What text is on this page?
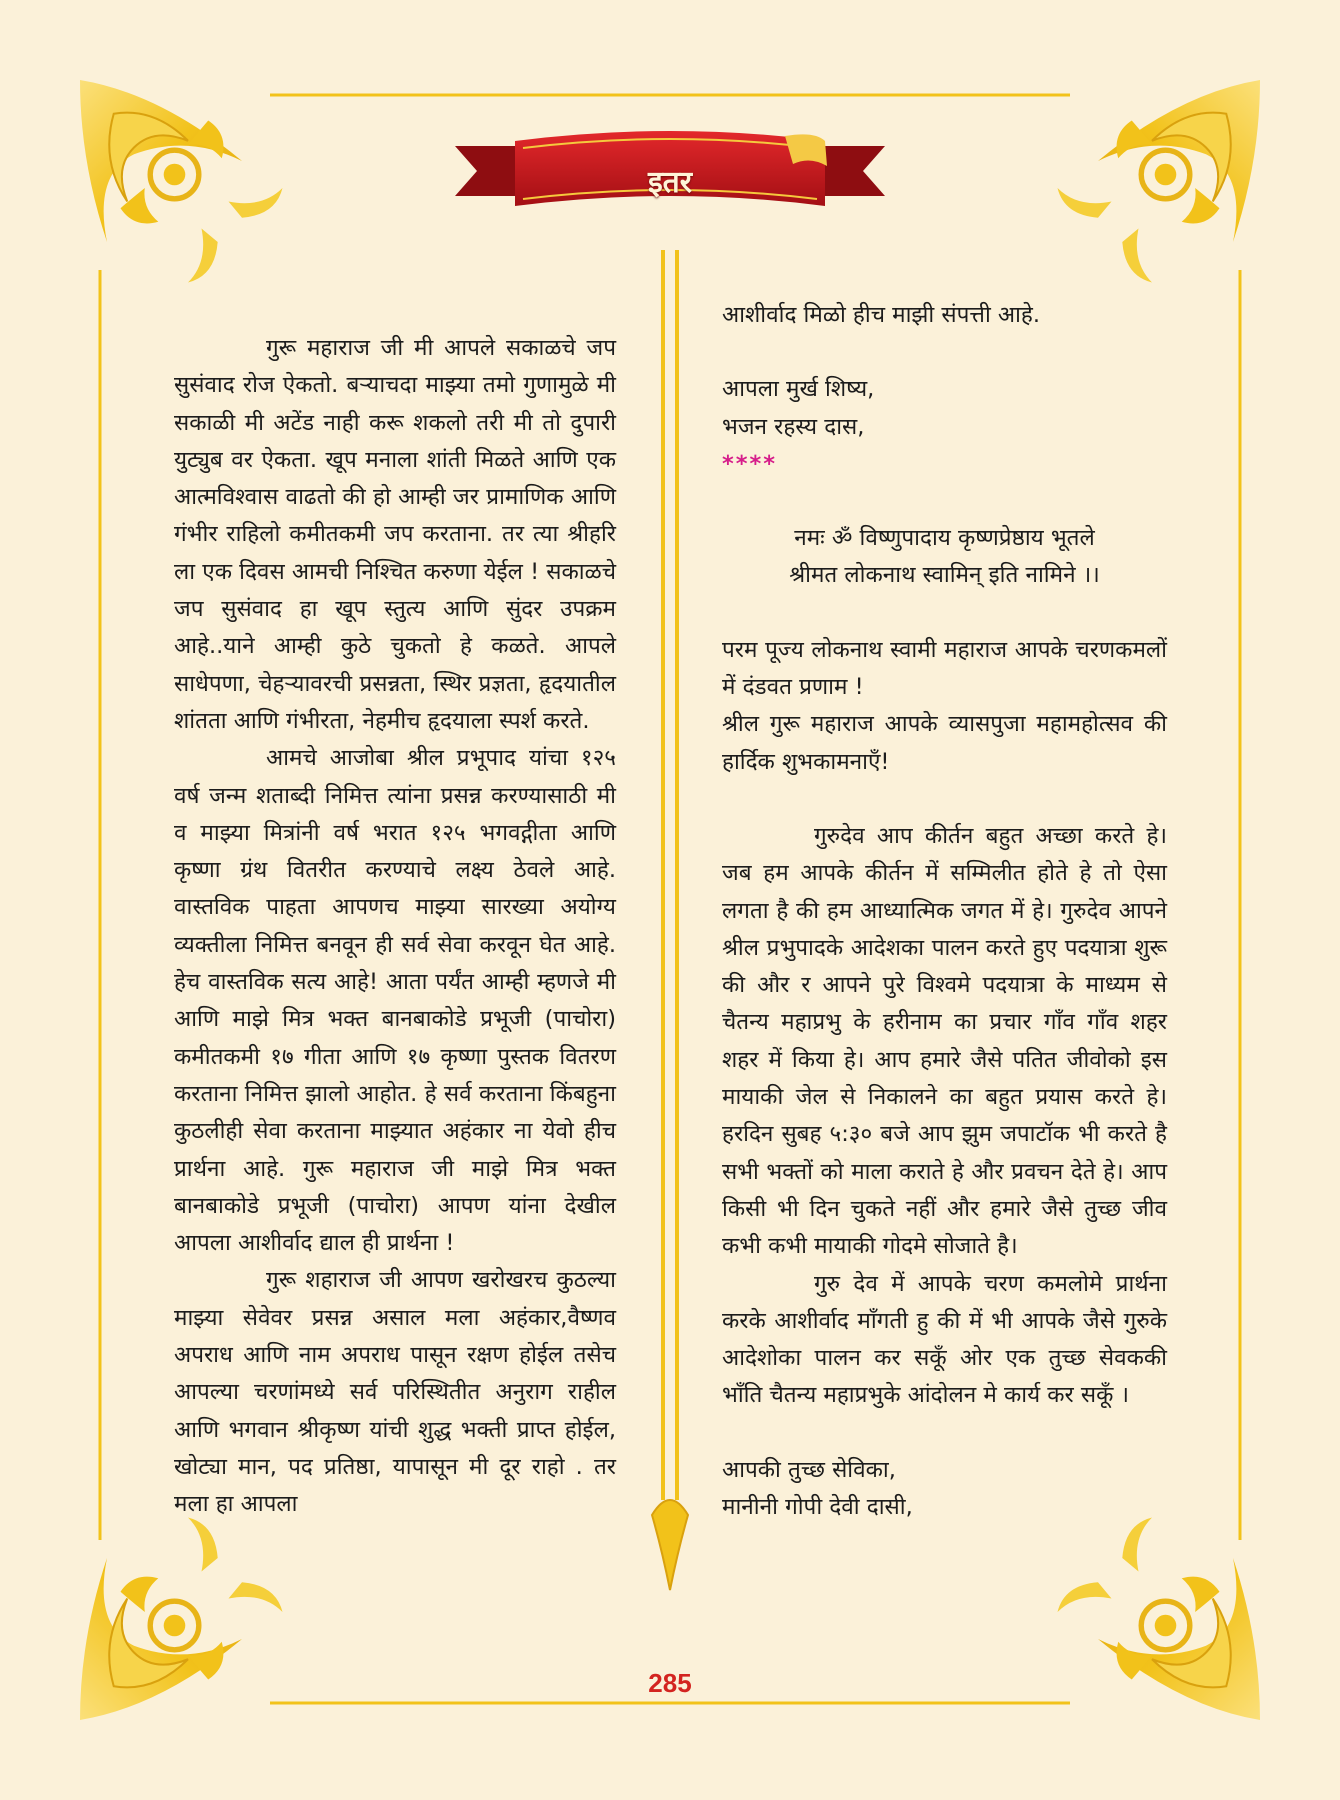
इतर

गुरू महाराज जी मी आपले सकाळचे जप सुसंवाद रोज ऐकतो. बऱ्याचदा माझ्या तमो गुणामुळे मी सकाळी मी अटेंड नाही करू शकलो तरी मी तो दुपारी युट्युब वर ऐकता. खूप मनाला शांती मिळते आणि एक आत्मविश्वास वाढतो की हो आम्ही जर प्रामाणिक आणि गंभीर राहिलो कमीतकमी जप करताना. तर त्या श्रीहरि ला एक दिवस आमची निश्चित करुणा येईल ! सकाळचे जप सुसंवाद हा खूप स्तुत्य आणि सुंदर उपक्रम आहे..याने आम्ही कुठे चुकतो हे कळते. आपले साधेपणा, चेहऱ्यावरची प्रसन्नता, स्थिर प्रज्ञता, हृदयातील शांतता आणि गंभीरता, नेहमीच हृदयाला स्पर्श करते.

आमचे आजोबा श्रील प्रभूपाद यांचा १२५ वर्ष जन्म शताब्दी निमित्त त्यांना प्रसन्न करण्यासाठी मी व माझ्या मित्रांनी वर्ष भरात १२५ भगवद्गीता आणि कृष्णा ग्रंथ वितरीत करण्याचे लक्ष्य ठेवले आहे. वास्तविक पाहता आपणच माझ्या सारख्या अयोग्य व्यक्तीला निमित्त बनवून ही सर्व सेवा करवून घेत आहे. हेच वास्तविक सत्य आहे! आता पर्यंत आम्ही म्हणजे मी आणि माझे मित्र भक्त बानबाकोडे प्रभूजी (पाचोरा) कमीतकमी १७ गीता आणि १७ कृष्णा पुस्तक वितरण करताना निमित्त झालो आहोत. हे सर्व करताना किंबहुना कुठलीही सेवा करताना माझ्यात अहंकार ना येवो हीच प्रार्थना आहे. गुरू महाराज जी माझे मित्र भक्त बानबाकोडे प्रभूजी (पाचोरा) आपण यांना देखील आपला आशीर्वाद द्याल ही प्रार्थना !

गुरू शहाराज जी आपण खरोखरच कुठल्या माझ्या सेवेवर प्रसन्न असाल मला अहंकार,वैष्णव अपराध आणि नाम अपराध पासून रक्षण होईल तसेच आपल्या चरणांमध्ये सर्व परिस्थितीत अनुराग राहील आणि भगवान श्रीकृष्ण यांची शुद्ध भक्ती प्राप्त होईल, खोट्या मान, पद प्रतिष्ठा, यापासून मी दूर राहो . तर मला हा आपला

आशीर्वाद मिळो हीच माझी संपत्ती आहे.

आपला मुर्ख शिष्य,

भजन रहस्य दास,

****

नमः ॐ विष्णुपादाय कृष्णप्रेष्ठाय भूतले

श्रीमत लोकनाथ स्वामिन् इति नामिने ।।

परम पूज्य लोकनाथ स्वामी महाराज आपके चरणकमलों में दंडवत प्रणाम !

श्रील गुरू महाराज आपके व्यासपुजा महामहोत्सव की हार्दिक शुभकामनाएँ!

गुरुदेव आप कीर्तन बहुत अच्छा करते हे। जब हम आपके कीर्तन में सम्मिलीत होते हे तो ऐसा लगता है की हम आध्यात्मिक जगत में हे। गुरुदेव आपने श्रील प्रभुपादके आदेशका पालन करते हुए पदयात्रा शुरू की और र आपने पुरे विश्वमे पदयात्रा के माध्यम से चैतन्य महाप्रभु के हरीनाम का प्रचार गाँव गाँव शहर शहर में किया हे। आप हमारे जैसे पतित जीवोको इस मायाकी जेल से निकालने का बहुत प्रयास करते हे। हरदिन सुबह ५:३० बजे आप झुम जपाटॉक भी करते है सभी भक्तों को माला कराते हे और प्रवचन देते हे। आप किसी भी दिन चुकते नहीं और हमारे जैसे तुच्छ जीव कभी कभी मायाकी गोदमे सोजाते है।

गुरु देव में आपके चरण कमलोमे प्रार्थना करके आशीर्वाद माँगती हु की में भी आपके जैसे गुरुके आदेशोका पालन कर सकूँ ओर एक तुच्छ सेवककी भाँति चैतन्य महाप्रभुके आंदोलन मे कार्य कर सकूँ ।

आपकी तुच्छ सेविका,

मानीनी गोपी देवी दासी,

285
